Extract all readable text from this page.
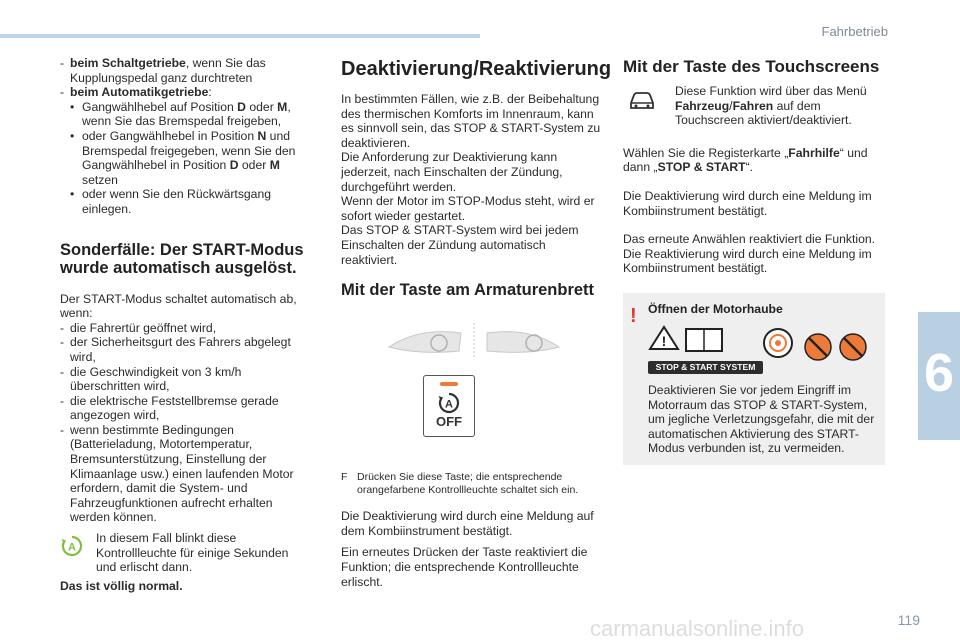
Fahrbetrieb
6
119
carmanualsonline.info
- beim Schaltgetriebe, wenn Sie das Kupplungspedal ganz durchtreten
- beim Automatikgetriebe:
• Gangwählhebel auf Position D oder M, wenn Sie das Bremspedal freigeben,
• oder Gangwählhebel in Position N und Bremspedal freigegeben, wenn Sie den Gangwählhebel in Position D oder M setzen
• oder wenn Sie den Rückwärtsgang einlegen.
Sonderfälle: Der START-Modus wurde automatisch ausgelöst.

Der START-Modus schaltet automatisch ab, wenn:

- die Fahrertür geöffnet wird,
- der Sicherheitsgurt des Fahrers abgelegt wird,
- die Geschwindigkeit von 3 km/h überschritten wird,
- die elektrische Feststellbremse gerade angezogen wird,
- wenn bestimmte Bedingungen (Batterieladung, Motortemperatur, Bremsunterstützung, Einstellung der Klimaanlage usw.) einen laufenden Motor erfordern, damit die System- und Fahrzeugfunktionen aufrecht erhalten werden können.
A
In diesem Fall blinkt diese Kontrollleuchte für einige Sekunden und erlischt dann.

Das ist völlig normal.

Deaktivierung/Reaktivierung

In bestimmten Fällen, wie z.B. der Beibehaltung des thermischen Komforts im Innenraum, kann es sinnvoll sein, das STOP & START-System zu deaktivieren.

Die Anforderung zur Deaktivierung kann jederzeit, nach Einschalten der Zündung, durchgeführt werden.

Wenn der Motor im STOP-Modus steht, wird er sofort wieder gestartet.

Das STOP & START-System wird bei jedem Einschalten der Zündung automatisch reaktiviert.

Mit der Taste am Armaturenbrett
A
OFF
F Drücken Sie diese Taste; die entsprechende orangefarbene Kontrollleuchte schaltet sich ein.

Die Deaktivierung wird durch eine Meldung auf dem Kombiinstrument bestätigt.

Ein erneutes Drücken der Taste reaktiviert die Funktion; die entsprechende Kontrollleuchte erlischt.

Mit der Taste des Touchscreens
Diese Funktion wird über das Menü Fahrzeug/Fahren auf dem Touchscreen aktiviert/deaktiviert.

Wählen Sie die Registerkarte „Fahrhilfe“ und dann „STOP & START“.

Die Deaktivierung wird durch eine Meldung im Kombiinstrument bestätigt.

Das erneute Anwählen reaktiviert die Funktion. Die Reaktivierung wird durch eine Meldung im Kombiinstrument bestätigt.

! Öffnen der Motorhaube
!
Deaktivieren Sie vor jedem Eingriff im Motorraum das STOP & START-System, um jegliche Verletzungsgefahr, die mit der automatischen Aktivierung des START-Modus verbunden ist, zu vermeiden.
STOP & START SYSTEM
